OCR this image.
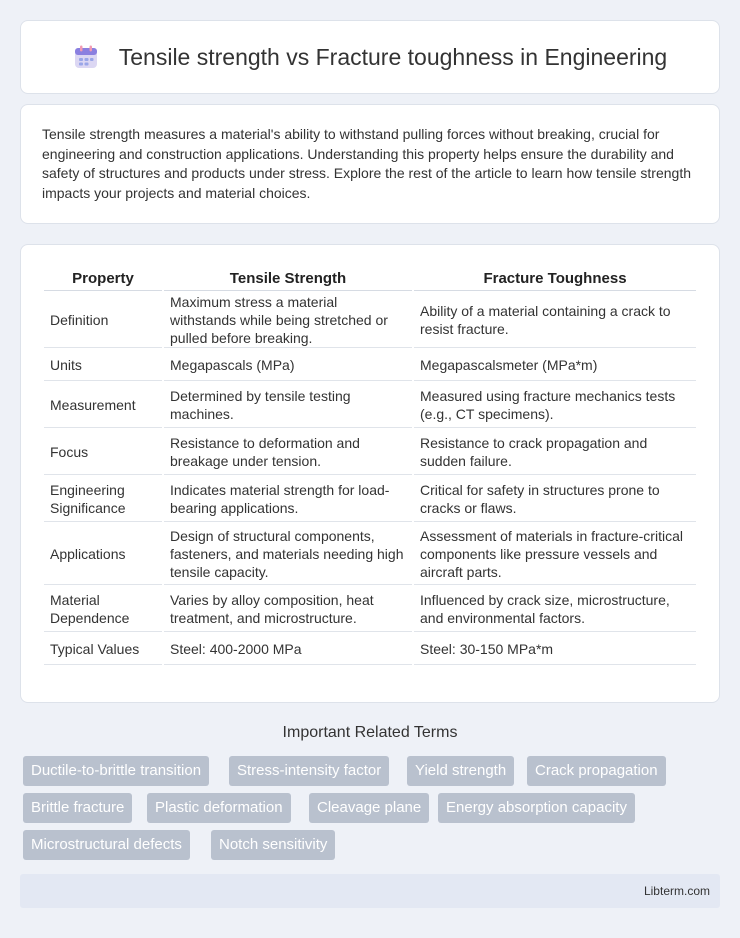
Tensile strength vs Fracture toughness in Engineering

Tensile strength measures a material's ability to withstand pulling forces without breaking, crucial for engineering and construction applications. Understanding this property helps ensure the durability and safety of structures and products under stress. Explore the rest of the article to learn how tensile strength impacts your projects and material choices.

Property	Tensile Strength	Fracture Toughness
Definition	Maximum stress a material withstands while being stretched or pulled before breaking.	Ability of a material containing a crack to resist fracture.
Units	Megapascals (MPa)	Megapascalsmeter (MPa*m)
Measurement	Determined by tensile testing machines.	Measured using fracture mechanics tests (e.g., CT specimens).
Focus	Resistance to deformation and breakage under tension.	Resistance to crack propagation and sudden failure.
Engineering Significance	Indicates material strength for load-bearing applications.	Critical for safety in structures prone to cracks or flaws.
Applications	Design of structural components, fasteners, and materials needing high tensile capacity.	Assessment of materials in fracture-critical components like pressure vessels and aircraft parts.
Material Dependence	Varies by alloy composition, heat treatment, and microstructure.	Influenced by crack size, microstructure, and environmental factors.
Typical Values	Steel: 400-2000 MPa	Steel: 30-150 MPa*m
Important Related Terms
Ductile-to-brittle transition	Stress-intensity factor	Yield strength	Crack propagation
Brittle fracture	Plastic deformation	Cleavage plane	Energy absorption capacity
Microstructural defects	Notch sensitivity
Libterm.com
